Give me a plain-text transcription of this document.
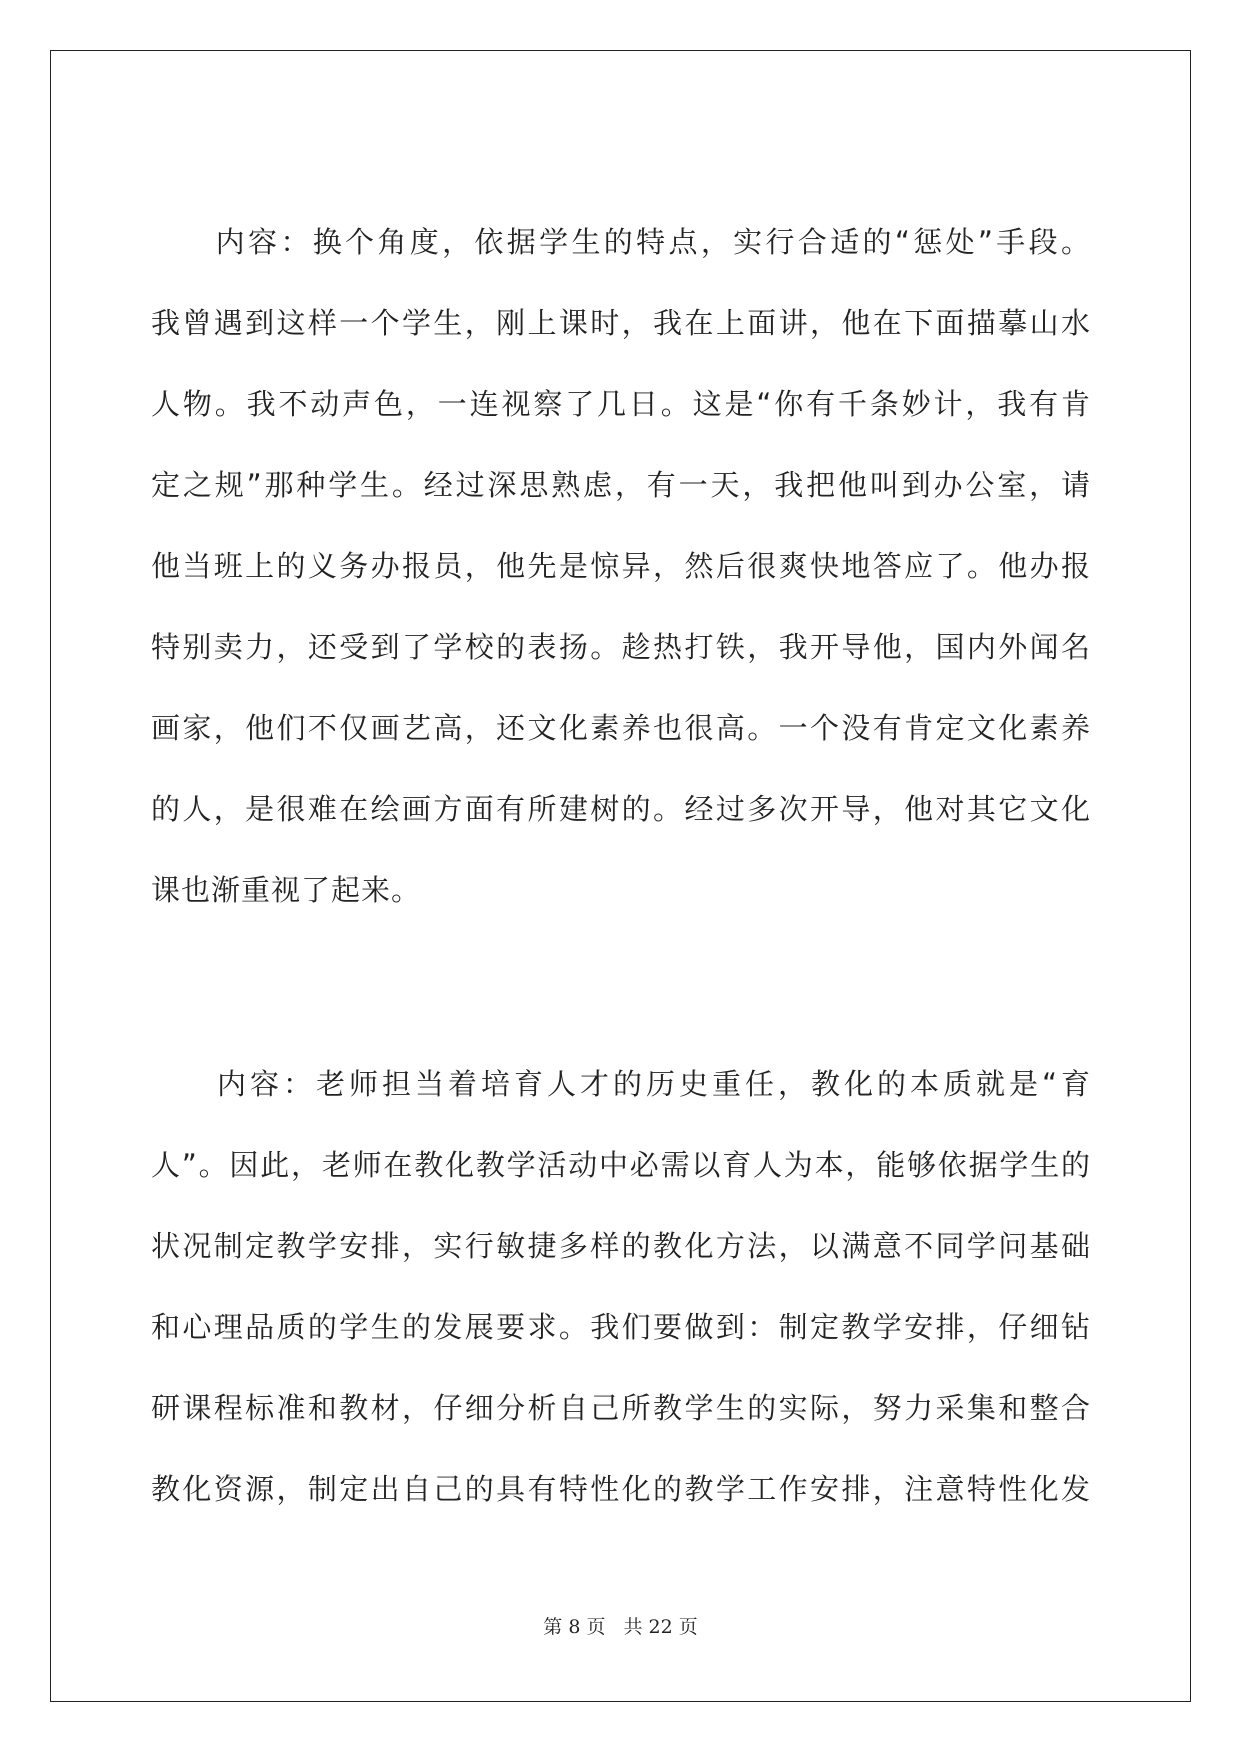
　　内容：换个角度，依据学生的特点，实行合适的“惩处”手段。
我曾遇到这样一个学生，刚上课时，我在上面讲，他在下面描摹山水
人物。我不动声色，一连视察了几日。这是“你有千条妙计，我有肯
定之规”那种学生。经过深思熟虑，有一天，我把他叫到办公室，请
他当班上的义务办报员，他先是惊异，然后很爽快地答应了。他办报
特别卖力，还受到了学校的表扬。趁热打铁，我开导他，国内外闻名
画家，他们不仅画艺高，还文化素养也很高。一个没有肯定文化素养
的人，是很难在绘画方面有所建树的。经过多次开导，他对其它文化
课也渐重视了起来。
　　内容：老师担当着培育人才的历史重任，教化的本质就是“育
人”。因此，老师在教化教学活动中必需以育人为本，能够依据学生的
状况制定教学安排，实行敏捷多样的教化方法，以满意不同学问基础
和心理品质的学生的发展要求。我们要做到：制定教学安排，仔细钻
研课程标准和教材，仔细分析自己所教学生的实际，努力采集和整合
教化资源，制定出自己的具有特性化的教学工作安排，注意特性化发
第 8 页 共 22 页
